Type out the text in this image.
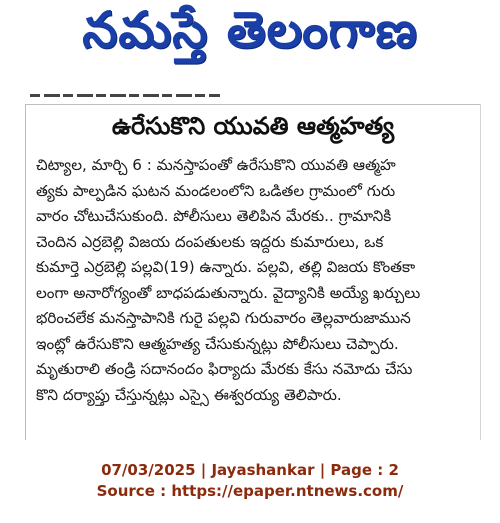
నమస్తే తెలంగాణ
ఉరేసుకొని యువతి ఆత్మహత్య
చిట్యాల, మార్చి 6 : మనస్తాపంతో ఉరేసుకొని యువతి ఆత్మహ
త్యకు పాల్పడిన ఘటన మండలంలోని ఒడితల గ్రామంలో గురు
వారం చోటుచేసుకుంది. పోలీసులు తెలిపిన మేరకు.. గ్రామానికి
చెందిన ఎర్రబెల్లి విజయ దంపతులకు ఇద్దరు కుమారులు, ఒక
కుమార్తె ఎర్రబెల్లి పల్లవి(19) ఉన్నారు. పల్లవి, తల్లి విజయ కొంతకా
లంగా అనారోగ్యంతో బాధపడుతున్నారు. వైద్యానికి అయ్యే ఖర్చులు
భరించలేక మనస్తాపానికి గురై పల్లవి గురువారం తెల్లవారుజామున
ఇంట్లో ఉరేసుకొని ఆత్మహత్య చేసుకున్నట్లు పోలీసులు చెప్పారు.
మృతురాలి తండ్రి సదానందం ఫిర్యాదు మేరకు కేసు నమోదు చేసు
కొని దర్యాప్తు చేస్తున్నట్లు ఎస్సై ఈశ్వరయ్య తెలిపారు.
07/03/2025 | Jayashankar | Page : 2
Source : https://epaper.ntnews.com/
